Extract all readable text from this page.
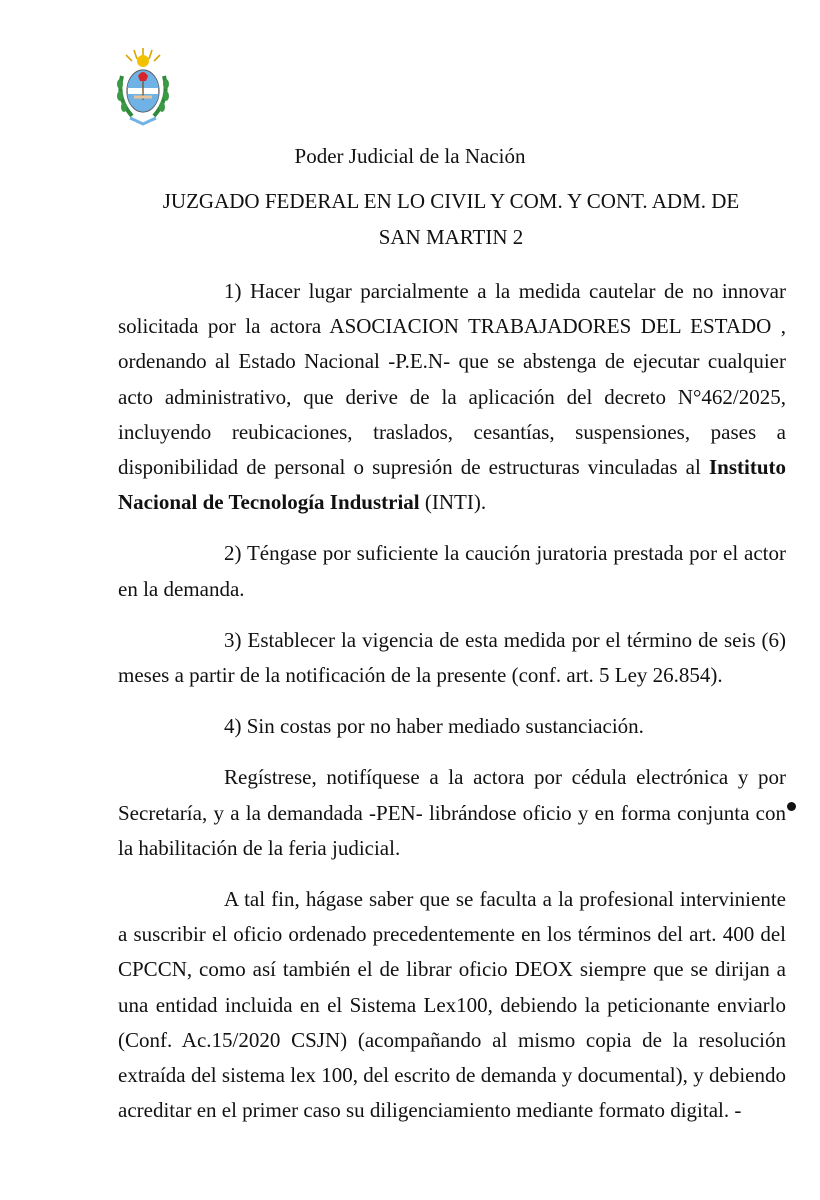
Poder Judicial de la Nación
JUZGADO FEDERAL EN LO CIVIL Y COM. Y CONT. ADM. DE
SAN MARTIN 2

1) Hacer lugar parcialmente a la medida cautelar de no innovar solicitada por la actora ASOCIACION TRABAJADORES DEL ESTADO , ordenando al Estado Nacional -P.E.N- que se abstenga de ejecutar cualquier acto administrativo, que derive de la aplicación del decreto N°462/2025, incluyendo reubicaciones, traslados, cesantías, suspensiones, pases a disponibilidad de personal o supresión de estructuras vinculadas al Instituto Nacional de Tecnología Industrial (INTI).

2) Téngase por suficiente la caución juratoria prestada por el actor en la demanda.

3) Establecer la vigencia de esta medida por el término de seis (6) meses a partir de la notificación de la presente (conf. art. 5 Ley 26.854).

4) Sin costas por no haber mediado sustanciación.

Regístrese, notifíquese a la actora por cédula electrónica y por Secretaría, y a la demandada -PEN- librándose oficio y en forma conjunta con la habilitación de la feria judicial.

A tal fin, hágase saber que se faculta a la profesional interviniente a suscribir el oficio ordenado precedentemente en los términos del art. 400 del CPCCN, como así también el de librar oficio DEOX siempre que se dirijan a una entidad incluida en el Sistema Lex100, debiendo la peticionante enviarlo (Conf. Ac.15/2020 CSJN) (acompañando al mismo copia de la resolución extraída del sistema lex 100, del escrito de demanda y documental), y debiendo acreditar en el primer caso su diligenciamiento mediante formato digital. -
